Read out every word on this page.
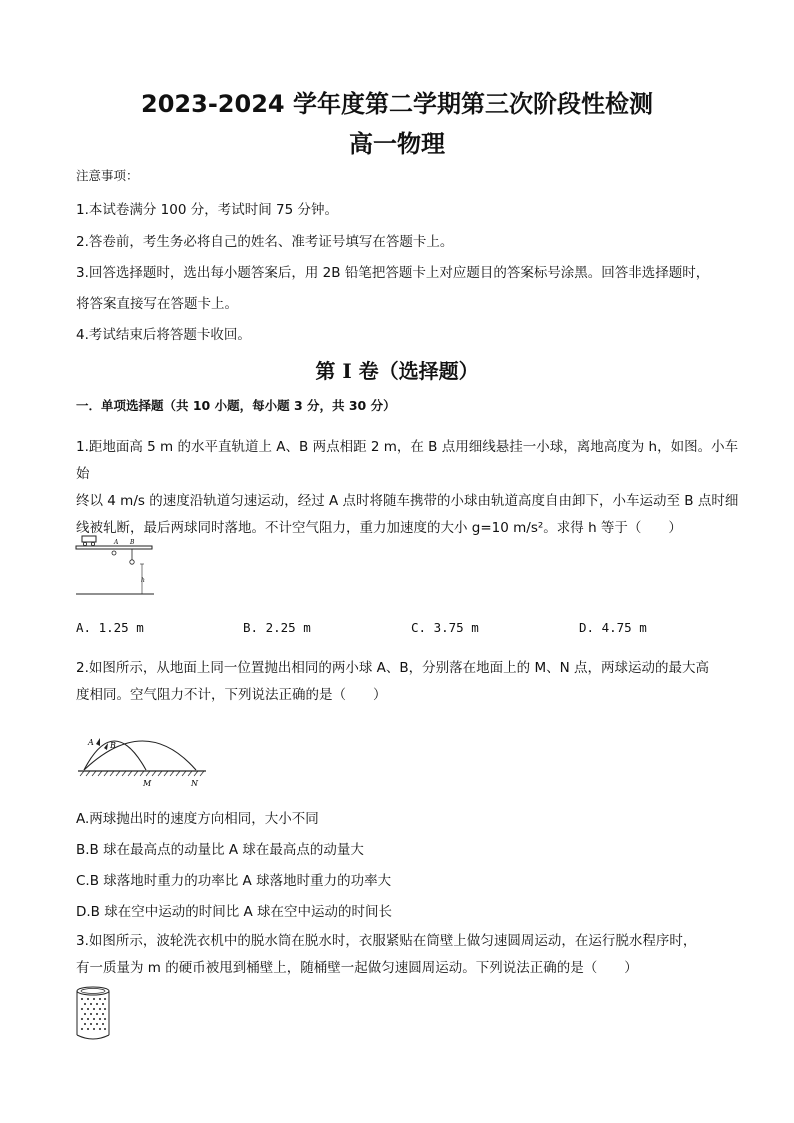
2023-2024 学年度第二学期第三次阶段性检测
高一物理
注意事项：
1.本试卷满分 100 分，考试时间 75 分钟。
2.答卷前，考生务必将自己的姓名、准考证号填写在答题卡上。
3.回答选择题时，选出每小题答案后，用 2B 铅笔把答题卡上对应题目的答案标号涂黑。回答非选择题时，
将答案直接写在答题卡上。
4.考试结束后将答题卡收回。
第 I 卷（选择题）
一．单项选择题（共 10 小题，每小题 3 分，共 30 分）
1.距地面高 5 m 的水平直轨道上 A、B 两点相距 2 m，在 B 点用细线悬挂一小球，离地高度为 h，如图。小车始
终以 4 m/s 的速度沿轨道匀速运动，经过 A 点时将随车携带的小球由轨道高度自由卸下，小车运动至 B 点时细
线被轧断，最后两球同时落地。不计空气阻力，重力加速度的大小 g=10 m/s²。求得 h 等于（　　）
A B
h
A. 1.25 m	B. 2.25 m	C. 3.75 m	D. 4.75 m
2.如图所示，从地面上同一位置抛出相同的两小球 A、B，分别落在地面上的 M、N 点，两球运动的最大高
度相同。空气阻力不计，下列说法正确的是（　　）
A B
M	N
A.两球抛出时的速度方向相同，大小不同
B.B 球在最高点的动量比 A 球在最高点的动量大
C.B 球落地时重力的功率比 A 球落地时重力的功率大
D.B 球在空中运动的时间比 A 球在空中运动的时间长
3.如图所示，波轮洗衣机中的脱水筒在脱水时，衣服紧贴在筒壁上做匀速圆周运动，在运行脱水程序时，
有一质量为 m 的硬币被甩到桶壁上，随桶壁一起做匀速圆周运动。下列说法正确的是（　　）
